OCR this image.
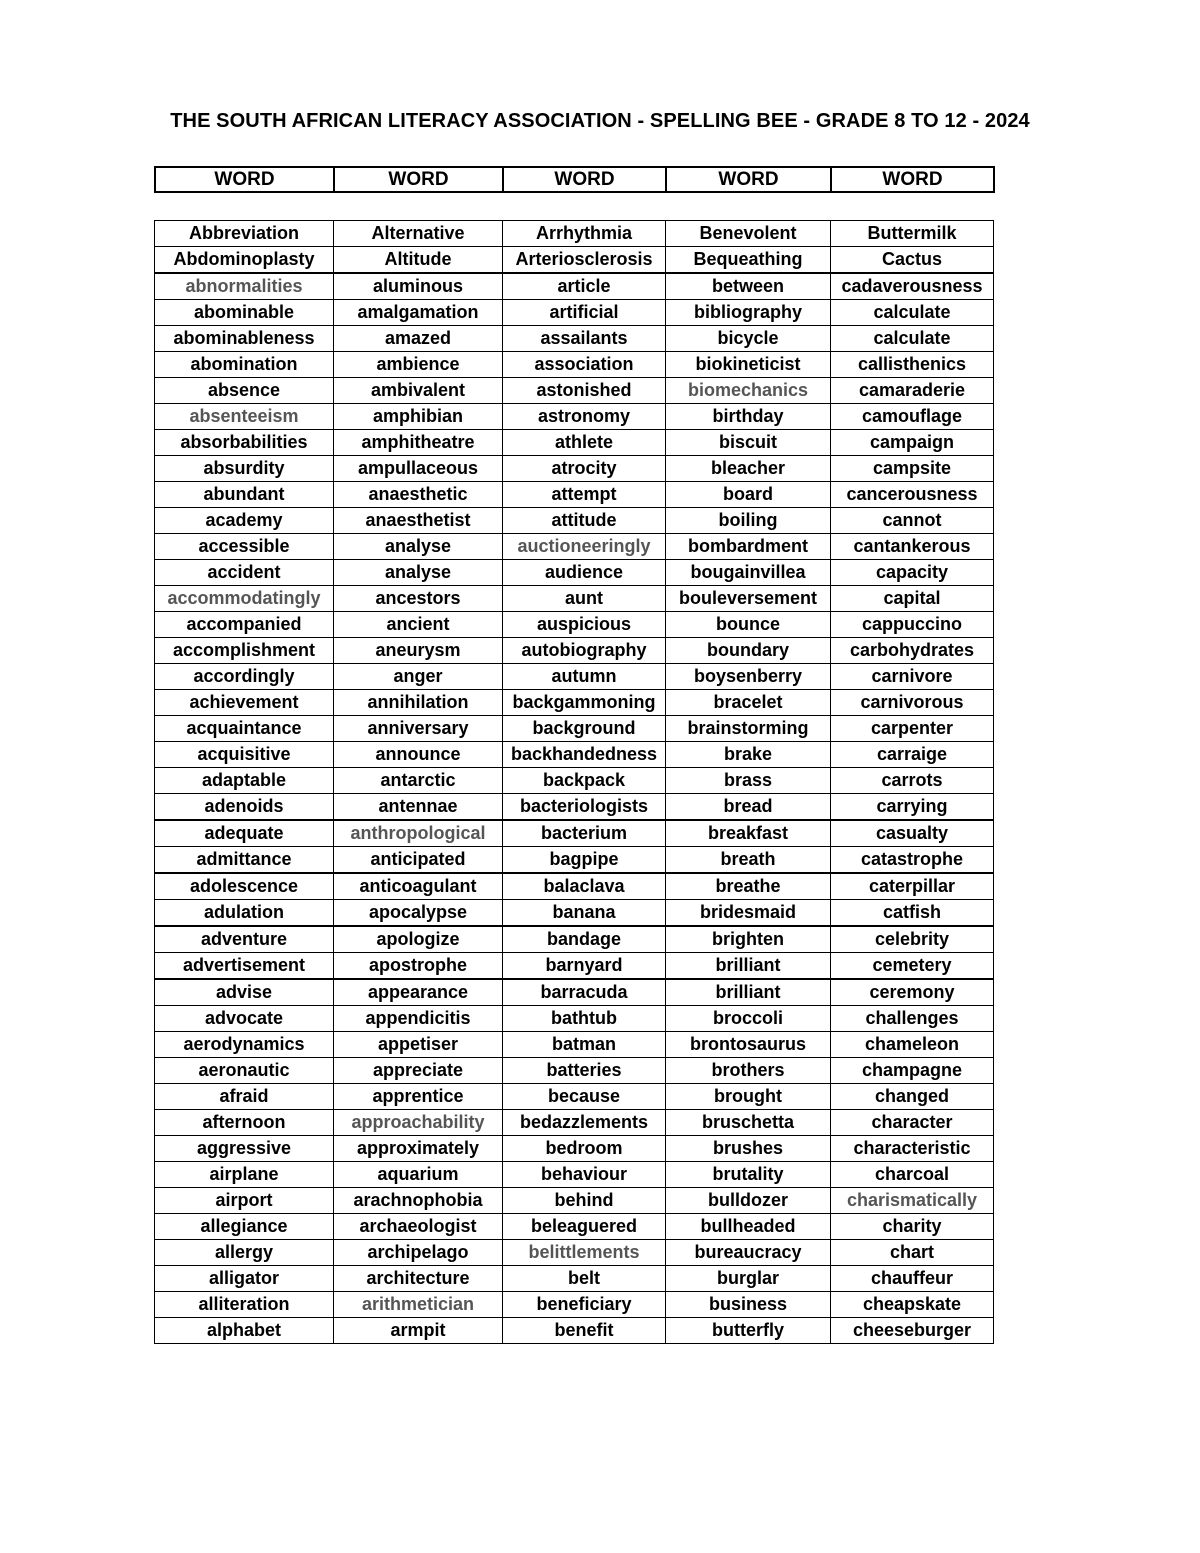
THE SOUTH AFRICAN LITERACY ASSOCIATION - SPELLING BEE - GRADE 8 TO 12 - 2024
WORD	WORD	WORD	WORD	WORD
Abbreviation	Alternative	Arrhythmia	Benevolent	Buttermilk
Abdominoplasty	Altitude	Arteriosclerosis	Bequeathing	Cactus
abnormalities	aluminous	article	between	cadaverousness
abominable	amalgamation	artificial	bibliography	calculate
abominableness	amazed	assailants	bicycle	calculate
abomination	ambience	association	biokineticist	callisthenics
absence	ambivalent	astonished	biomechanics	camaraderie
absenteeism	amphibian	astronomy	birthday	camouflage
absorbabilities	amphitheatre	athlete	biscuit	campaign
absurdity	ampullaceous	atrocity	bleacher	campsite
abundant	anaesthetic	attempt	board	cancerousness
academy	anaesthetist	attitude	boiling	cannot
accessible	analyse	auctioneeringly	bombardment	cantankerous
accident	analyse	audience	bougainvillea	capacity
accommodatingly	ancestors	aunt	bouleversement	capital
accompanied	ancient	auspicious	bounce	cappuccino
accomplishment	aneurysm	autobiography	boundary	carbohydrates
accordingly	anger	autumn	boysenberry	carnivore
achievement	annihilation	backgammoning	bracelet	carnivorous
acquaintance	anniversary	background	brainstorming	carpenter
acquisitive	announce	backhandedness	brake	carraige
adaptable	antarctic	backpack	brass	carrots
adenoids	antennae	bacteriologists	bread	carrying
adequate	anthropological	bacterium	breakfast	casualty
admittance	anticipated	bagpipe	breath	catastrophe
adolescence	anticoagulant	balaclava	breathe	caterpillar
adulation	apocalypse	banana	bridesmaid	catfish
adventure	apologize	bandage	brighten	celebrity
advertisement	apostrophe	barnyard	brilliant	cemetery
advise	appearance	barracuda	brilliant	ceremony
advocate	appendicitis	bathtub	broccoli	challenges
aerodynamics	appetiser	batman	brontosaurus	chameleon
aeronautic	appreciate	batteries	brothers	champagne
afraid	apprentice	because	brought	changed
afternoon	approachability	bedazzlements	bruschetta	character
aggressive	approximately	bedroom	brushes	characteristic
airplane	aquarium	behaviour	brutality	charcoal
airport	arachnophobia	behind	bulldozer	charismatically
allegiance	archaeologist	beleaguered	bullheaded	charity
allergy	archipelago	belittlements	bureaucracy	chart
alligator	architecture	belt	burglar	chauffeur
alliteration	arithmetician	beneficiary	business	cheapskate
alphabet	armpit	benefit	butterfly	cheeseburger
